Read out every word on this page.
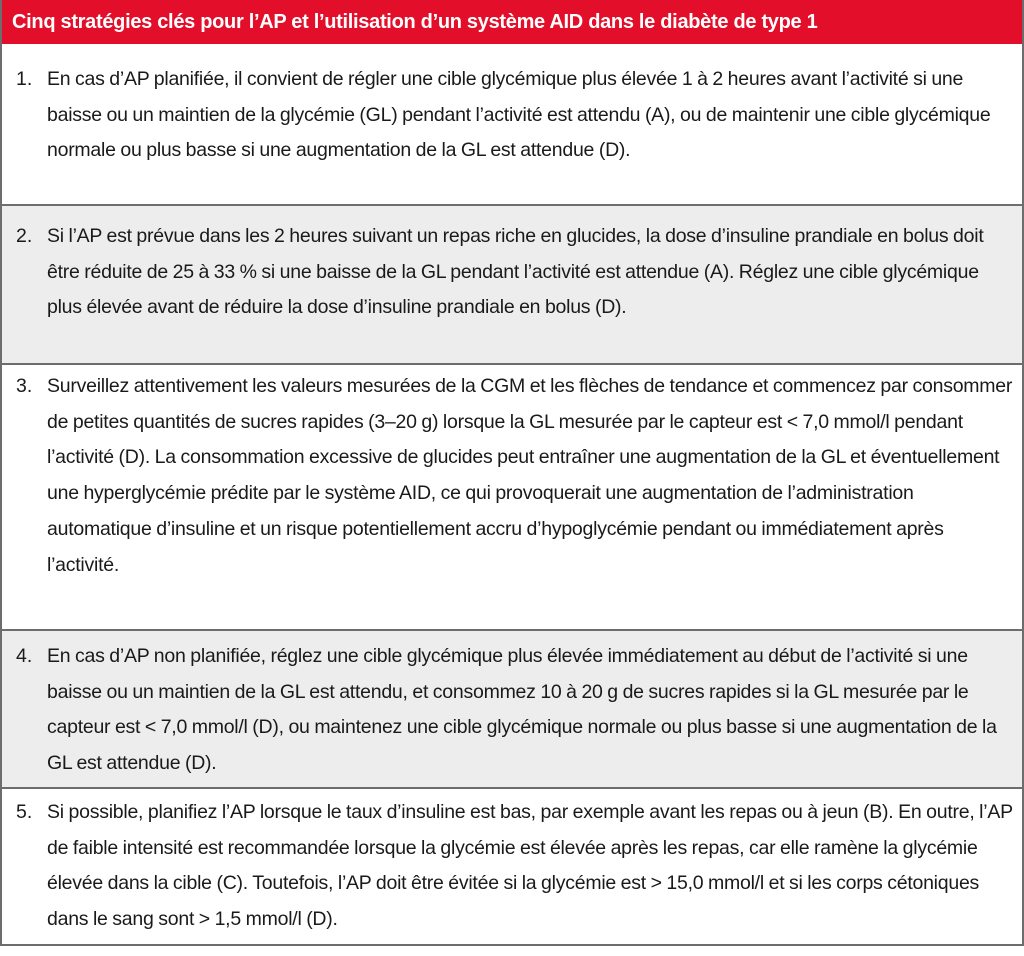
Cinq stratégies clés pour l’AP et l’utilisation d’un système AID dans le diabète de type 1
1. En cas d’AP planifiée, il convient de régler une cible glycémique plus élevée 1 à 2 heures avant l’activité si une baisse ou un maintien de la glycémie (GL) pendant l’activité est attendu (A), ou de maintenir une cible glycémique normale ou plus basse si une augmentation de la GL est attendue (D).
2. Si l’AP est prévue dans les 2 heures suivant un repas riche en glucides, la dose d’insuline prandiale en bolus doit être réduite de 25 à 33 % si une baisse de la GL pendant l’activité est attendue (A). Réglez une cible glycémique plus élevée avant de réduire la dose d’insuline prandiale en bolus (D).
3. Surveillez attentivement les valeurs mesurées de la CGM et les flèches de tendance et commencez par consommer de petites quantités de sucres rapides (3–20 g) lorsque la GL mesurée par le capteur est < 7,0 mmol/l pendant l’activité (D). La consommation excessive de glucides peut entraîner une augmentation de la GL et éventuellement une hyperglycémie prédite par le système AID, ce qui provoquerait une augmentation de l’administration automatique d’insuline et un risque potentiellement accru d’hypoglycémie pendant ou immédiatement après l’activité.
4. En cas d’AP non planifiée, réglez une cible glycémique plus élevée immédiatement au début de l’activité si une baisse ou un maintien de la GL est attendu, et consommez 10 à 20 g de sucres rapides si la GL mesurée par le capteur est < 7,0 mmol/l (D), ou maintenez une cible glycémique normale ou plus basse si une augmentation de la GL est attendue (D).
5. Si possible, planifiez l’AP lorsque le taux d’insuline est bas, par exemple avant les repas ou à jeun (B). En outre, l’AP de faible intensité est recommandée lorsque la glycémie est élevée après les repas, car elle ramène la glycémie élevée dans la cible (C). Toutefois, l’AP doit être évitée si la glycémie est > 15,0 mmol/l et si les corps cétoniques dans le sang sont > 1,5 mmol/l (D).
